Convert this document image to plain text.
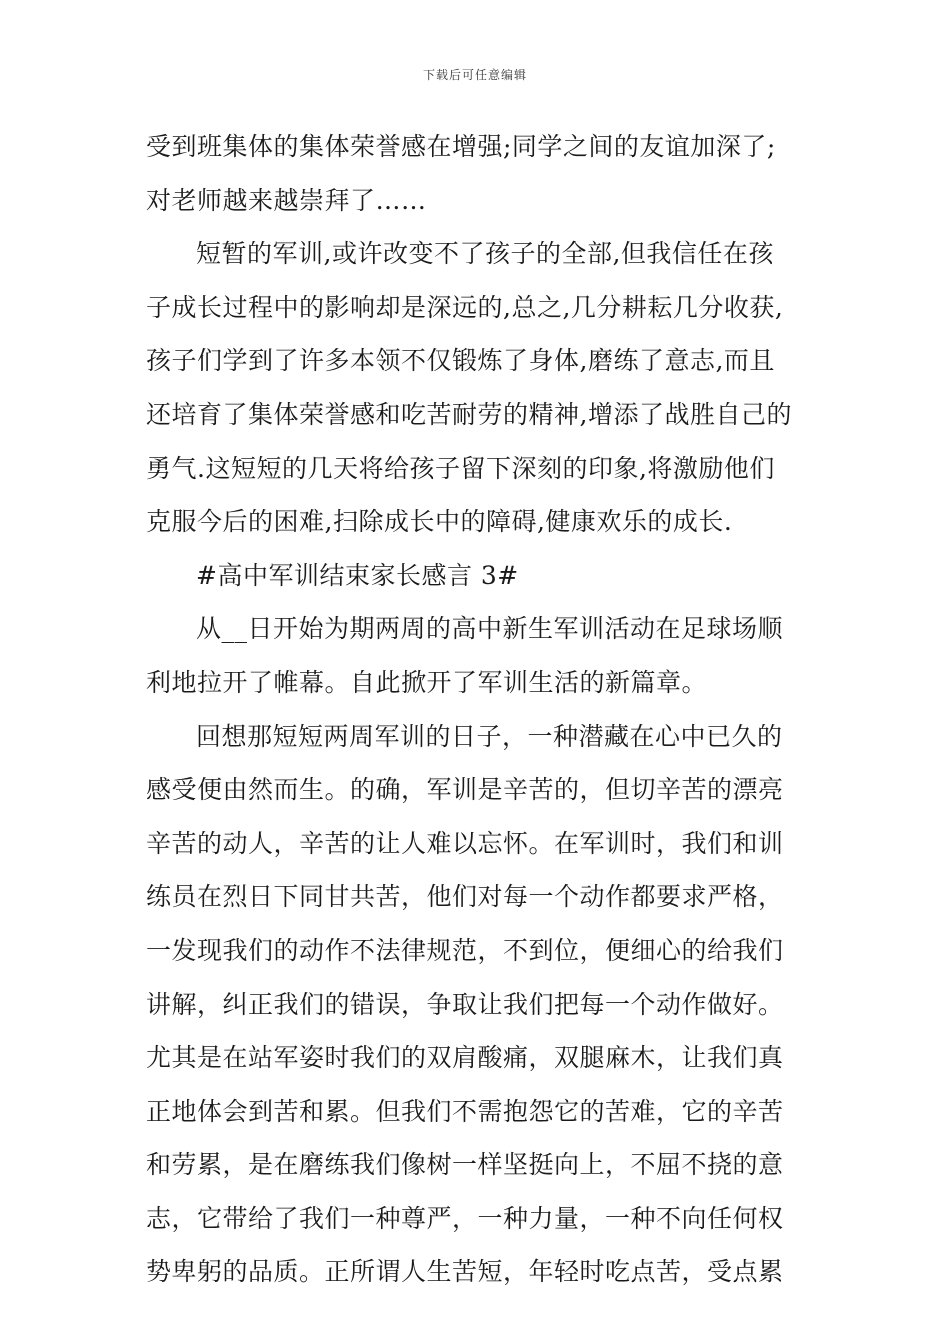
下载后可任意编辑
受到班集体的集体荣誉感在增强;同学之间的友谊加深了;
对老师越来越崇拜了……
短暂的军训,或许改变不了孩子的全部,但我信任在孩
子成长过程中的影响却是深远的,总之,几分耕耘几分收获,
孩子们学到了许多本领不仅锻炼了身体,磨练了意志,而且
还培育了集体荣誉感和吃苦耐劳的精神,增添了战胜自己的
勇气.这短短的几天将给孩子留下深刻的印象,将激励他们
克服今后的困难,扫除成长中的障碍,健康欢乐的成长.
#高中军训结束家长感言 3#
从__日开始为期两周的高中新生军训活动在足球场顺
利地拉开了帷幕。自此掀开了军训生活的新篇章。
回想那短短两周军训的日子，一种潜藏在心中已久的
感受便由然而生。的确，军训是辛苦的，但切辛苦的漂亮
辛苦的动人，辛苦的让人难以忘怀。在军训时，我们和训
练员在烈日下同甘共苦，他们对每一个动作都要求严格，
一发现我们的动作不法律规范，不到位，便细心的给我们
讲解，纠正我们的错误，争取让我们把每一个动作做好。
尤其是在站军姿时我们的双肩酸痛，双腿麻木，让我们真
正地体会到苦和累。但我们不需抱怨它的苦难，它的辛苦
和劳累，是在磨练我们像树一样坚挺向上，不屈不挠的意
志，它带给了我们一种尊严，一种力量，一种不向任何权
势卑躬的品质。正所谓人生苦短，年轻时吃点苦，受点累
